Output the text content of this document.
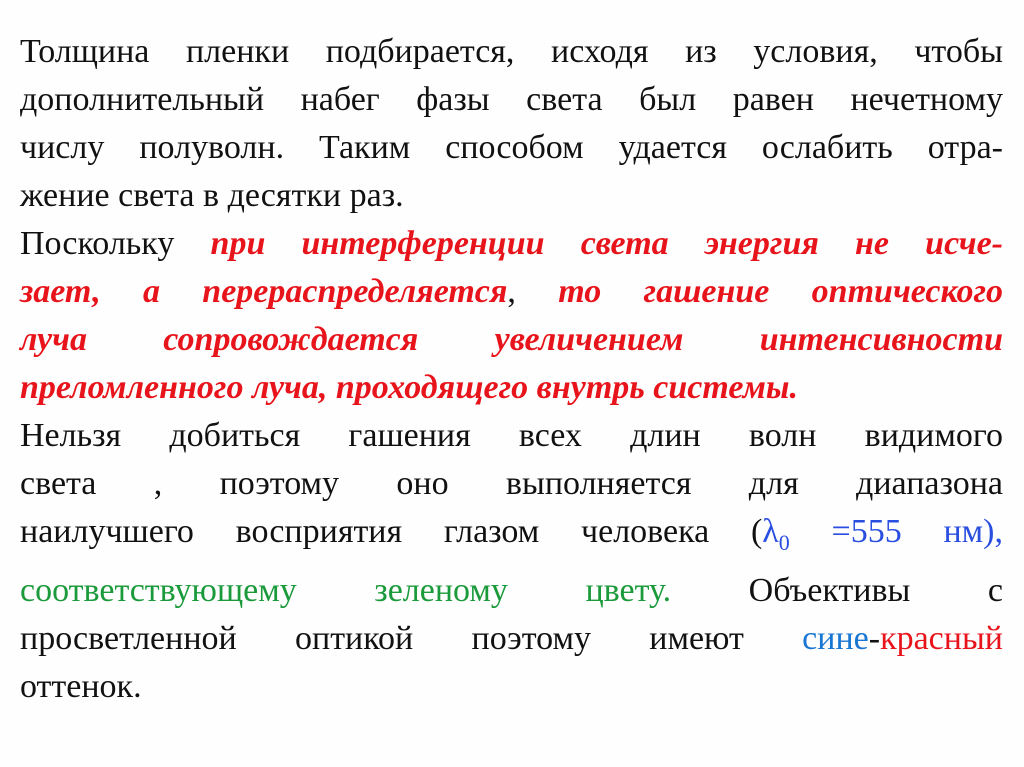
Толщина пленки подбирается, исходя из условия, чтобы
дополнительный набег фазы света был равен нечетному
числу полуволн. Таким способом удается ослабить отра-
жение света в десятки раз.
Поскольку при интерференции света энергия не исче-
зает, а перераспределяется, то гашение оптического
луча сопровождается увеличением интенсивности
преломленного луча, проходящего внутрь системы.
Нельзя добиться гашения всех длин волн видимого
света , поэтому оно выполняется для диапазона
наилучшего восприятия глазом человека ($\lambda_0 =555$ нм),
соответствующему зеленому цвету. Объективы с
просветленной оптикой поэтому имеют сине-красный
оттенок.
